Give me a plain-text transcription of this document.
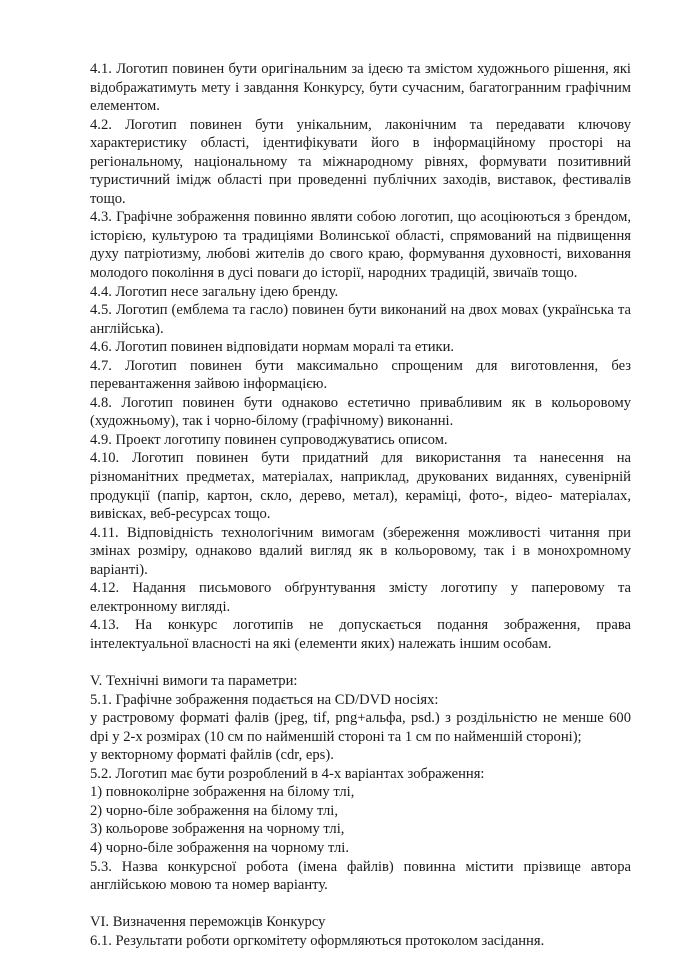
4.1. Логотип повинен бути оригінальним за ідеєю та змістом художнього рішення, які відображатимуть мету і завдання Конкурсу, бути сучасним, багатогранним графічним елементом.

4.2. Логотип повинен бути унікальним, лаконічним та передавати ключову характеристику області, ідентифікувати його в інформаційному просторі на регіональному, національному та міжнародному рівнях, формувати позитивний туристичний імідж області при проведенні публічних заходів, виставок, фестивалів тощо.

4.3. Графічне зображення повинно являти собою логотип, що асоціюються з брендом, історією, культурою та традиціями Волинської області, спрямований на підвищення духу патріотизму, любові жителів до свого краю, формування духовності, виховання молодого покоління в дусі поваги до історії, народних традицій, звичаїв тощо.

4.4. Логотип несе загальну ідею бренду.

4.5. Логотип (емблема та гасло) повинен бути виконаний на двох мовах (українська та англійська).

4.6. Логотип повинен відповідати нормам моралі та етики.

4.7. Логотип повинен бути максимально спрощеним для виготовлення, без перевантаження зайвою інформацією.

4.8. Логотип повинен бути однаково естетично привабливим як в кольоровому (художньому), так і чорно-білому (графічному) виконанні.

4.9. Проект логотипу повинен супроводжуватись описом.

4.10. Логотип повинен бути придатний для використання та нанесення на різноманітних предметах, матеріалах, наприклад, друкованих виданнях, сувенірній продукції (папір, картон, скло, дерево, метал), кераміці, фото-, відео- матеріалах, вивісках, веб-ресурсах тощо.

4.11. Відповідність технологічним вимогам (збереження можливості читання при змінах розміру, однаково вдалий вигляд як в кольоровому, так і в монохромному варіанті).

4.12. Надання письмового обґрунтування змісту логотипу у паперовому та електронному вигляді.

4.13. На конкурс логотипів не допускається подання зображення, права інтелектуальної власності на які (елементи яких) належать іншим особам.

V. Технічні вимоги та параметри:

5.1. Графічне зображення подається на CD/DVD носіях:

у растровому форматі фалів (jpeg, tif, png+альфа, psd.) з роздільністю не менше 600 dpi у 2-х розмірах (10 см по найменшій стороні та 1 см по найменшій стороні);

у векторному форматі файлів (cdr, eps).

5.2. Логотип має бути розроблений в 4-х варіантах зображення:

1) повноколірне зображення на білому тлі,

2) чорно-біле зображення на білому тлі,

3) кольорове зображення на чорному тлі,

4) чорно-біле зображення на чорному тлі.

5.3. Назва конкурсної робота (імена файлів) повинна містити прізвище автора англійською мовою та номер варіанту.

VI. Визначення переможців Конкурсу

6.1. Результати роботи оргкомітету оформляються протоколом засідання.
